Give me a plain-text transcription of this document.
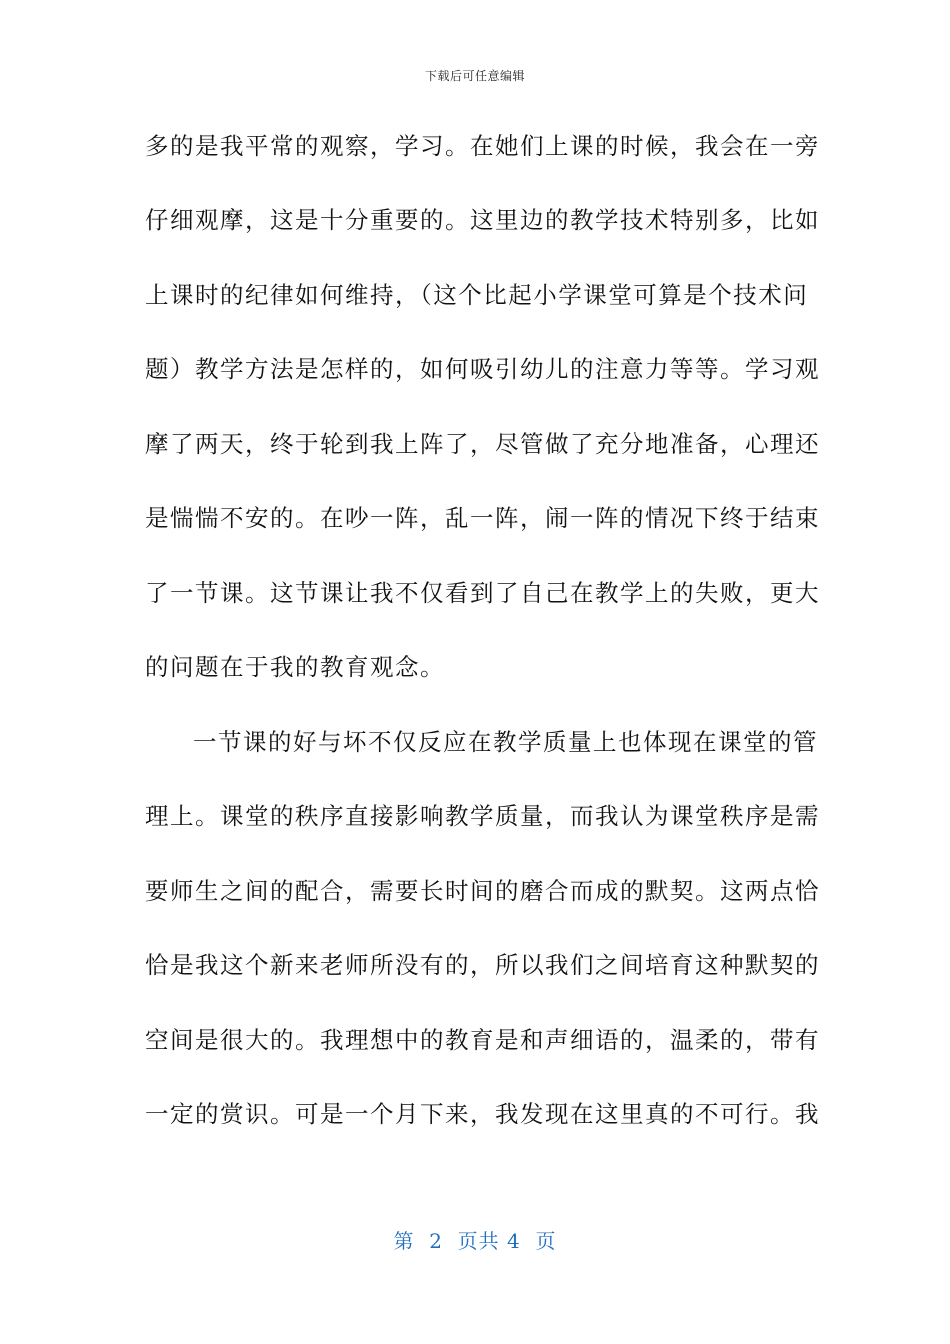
下载后可任意编辑
多的是我平常的观察，学习。在她们上课的时候，我会在一旁
仔细观摩，这是十分重要的。这里边的教学技术特别多，比如
上课时的纪律如何维持，（这个比起小学课堂可算是个技术问
题）教学方法是怎样的，如何吸引幼儿的注意力等等。学习观
摩了两天，终于轮到我上阵了，尽管做了充分地准备，心理还
是惴惴不安的。在吵一阵，乱一阵，闹一阵的情况下终于结束
了一节课。这节课让我不仅看到了自己在教学上的失败，更大
的问题在于我的教育观念。
一节课的好与坏不仅反应在教学质量上也体现在课堂的管
理上。课堂的秩序直接影响教学质量，而我认为课堂秩序是需
要师生之间的配合，需要长时间的磨合而成的默契。这两点恰
恰是我这个新来老师所没有的，所以我们之间培育这种默契的
空间是很大的。我理想中的教育是和声细语的，温柔的，带有
一定的赏识。可是一个月下来，我发现在这里真的不可行。我
第  2  页共 4  页
